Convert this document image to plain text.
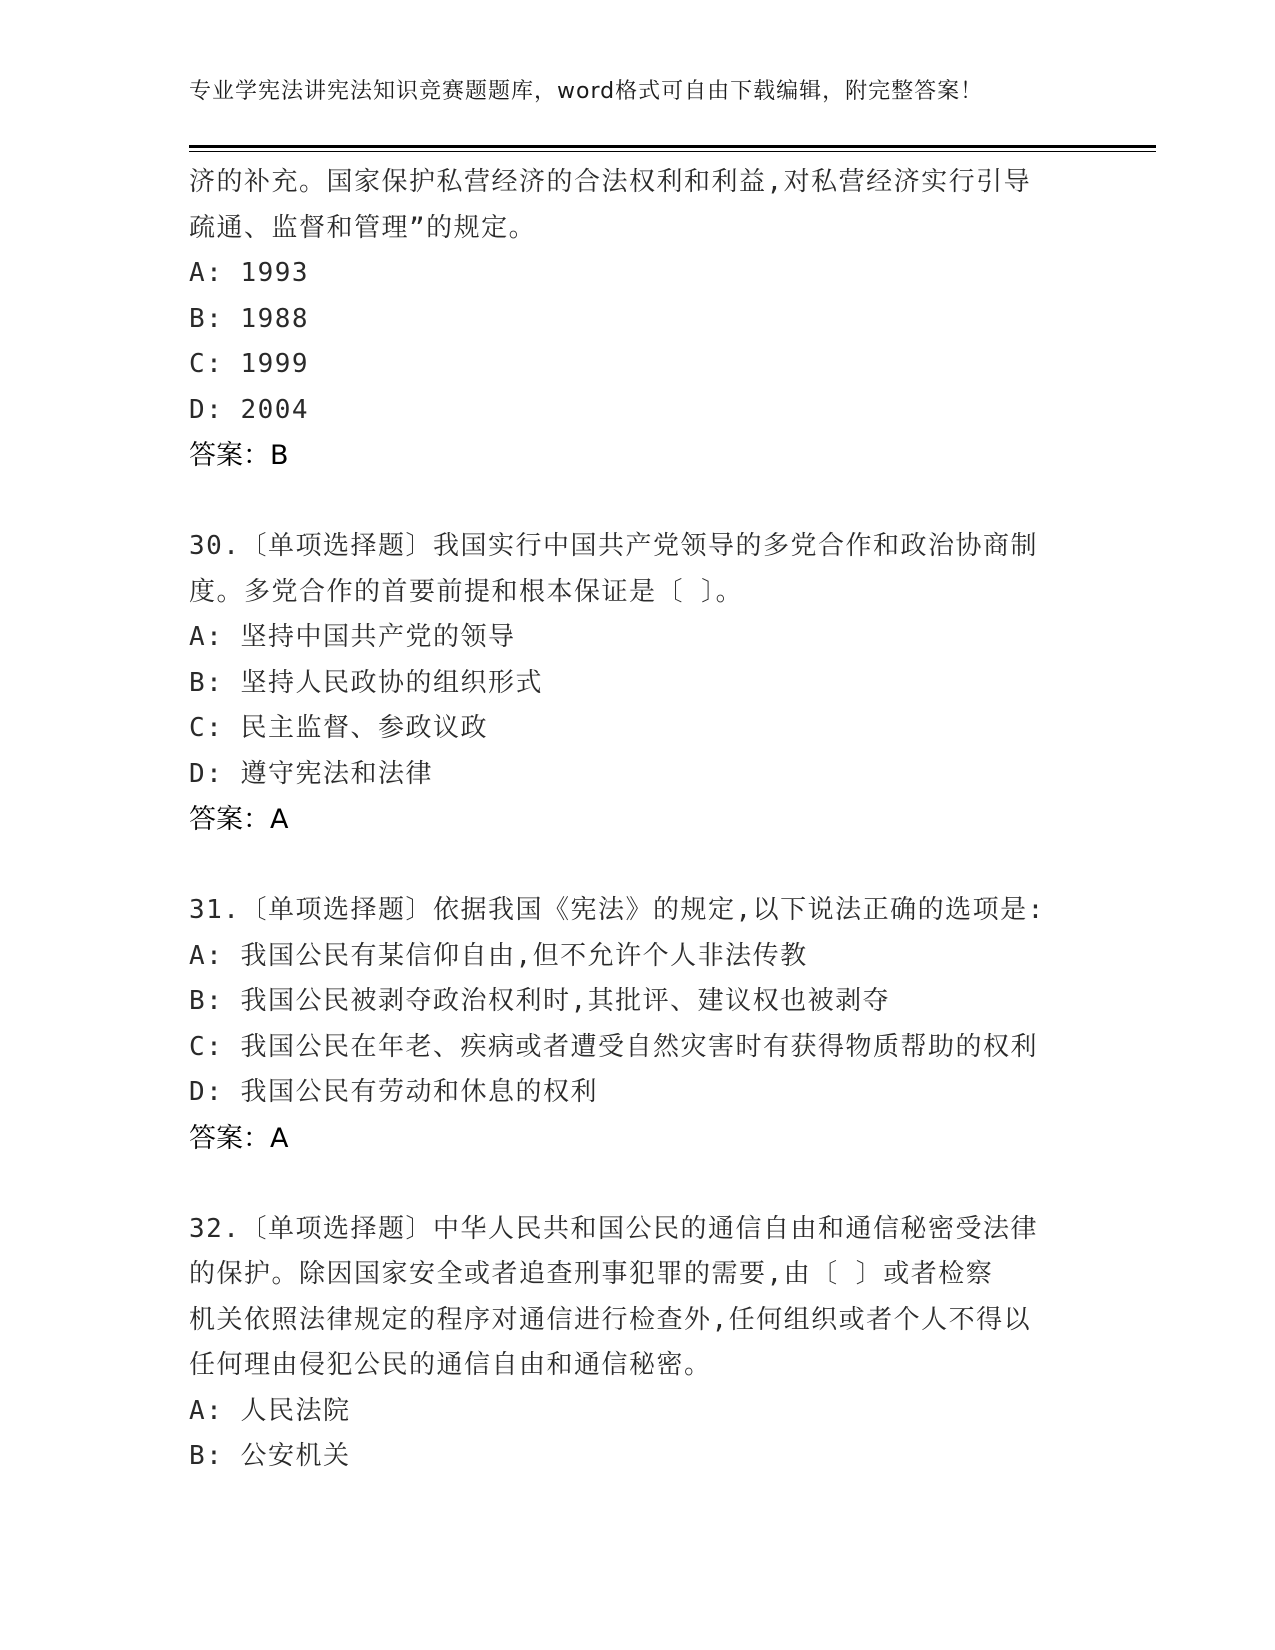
专业学宪法讲宪法知识竞赛题题库，word格式可自由下载编辑，附完整答案！
济的补充。国家保护私营经济的合法权利和利益,对私营经济实行引导
疏通、监督和管理”的规定。
A: 1993
B: 1988
C: 1999
D: 2004
答案：B
30.〔单项选择题〕我国实行中国共产党领导的多党合作和政治协商制
度。多党合作的首要前提和根本保证是〔 〕。
A: 坚持中国共产党的领导
B: 坚持人民政协的组织形式
C: 民主监督、参政议政
D: 遵守宪法和法律
答案：A
31.〔单项选择题〕依据我国《宪法》的规定,以下说法正确的选项是:
A: 我国公民有某信仰自由,但不允许个人非法传教
B: 我国公民被剥夺政治权利时,其批评、建议权也被剥夺
C: 我国公民在年老、疾病或者遭受自然灾害时有获得物质帮助的权利
D: 我国公民有劳动和休息的权利
答案：A
32.〔单项选择题〕中华人民共和国公民的通信自由和通信秘密受法律
的保护。除因国家安全或者追查刑事犯罪的需要,由〔 〕或者检察
机关依照法律规定的程序对通信进行检查外,任何组织或者个人不得以
任何理由侵犯公民的通信自由和通信秘密。
A: 人民法院
B: 公安机关
